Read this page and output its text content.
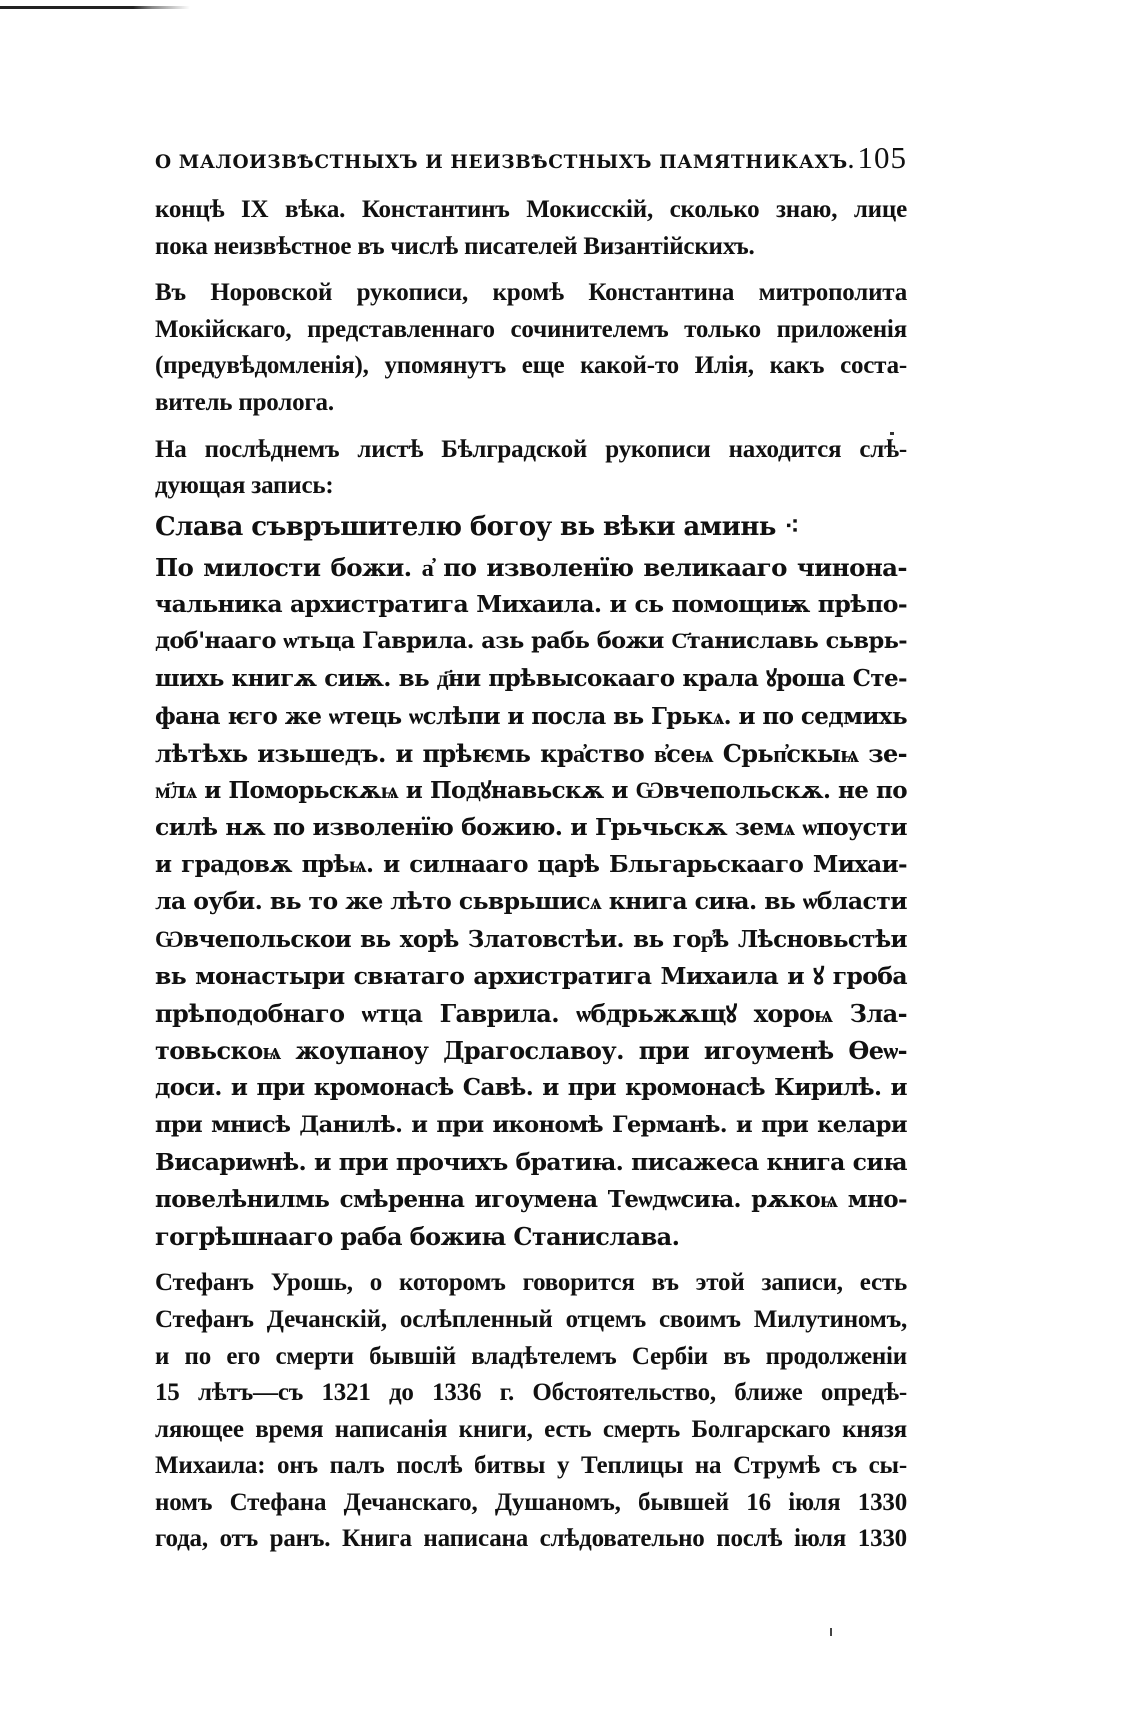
О МАЛОИЗВѢСТНЫХЪ И НЕИЗВѢСТНЫХЪ ПАМЯТНИКАХЪ. 105
концѣ IX вѣка. Константинъ Мокисскій, сколько знаю, лице
пока неизвѣстное въ числѣ писателей Византійскихъ.
Въ Норовской рукописи, кромѣ Константина митрополита
Мокійскаго, представленнаго сочинителемъ только приложенія
(предувѣдомленія), упомянутъ еще какой-то Илія, какъ соста-
витель пролога.
На послѣднемъ листѣ Бѣлградской рукописи находится слѣ-
дующая запись:
Слава съвръшителю богоу вь вѣки аминь ⁖
По милости божи. а҆ по изволенїю великааго чинона-
чальника архистратига Михаила. и сь помощиѭ прѣпо-
доб'нааго ѡтьца Гаврила. азь рабь божи С҃таниславь сьврь-
шихь книгѫ сиѭ. вь д҃ни прѣвысокааго крала ꙋроша Сте-
фана ѥго же ѡтець ѡслѣпи и посла вь Грькѧ. и по седмихь
лѣтѣхь изьшедъ. и прѣѥмь кра҆ство в҆сеѩ Срьп҆скыѩ зе-
м҃лѧ и Поморьскѫѩ и Подꙋнавьскѫ и Ѡвчепольскѫ. не по
силѣ нѫ по изволенїю божию. и Грьчьскѫ земѧ ѡпоусти
и градовѫ прѣѩ. и силнааго царѣ Бльгарьскааго Михаи-
ла оуби. вь то же лѣто сьврьшисѧ книга сиꙗ. вь ѡбласти
Ѡвчепольскои вь хорѣ Златовстѣи. вь гор҆ѣ Лѣсновьстѣи
вь монастыри свꙗтаго архистратига Михаила и ꙋ гроба
прѣподобнаго ѡтца Гаврила. ѡбдрьжѫщꙋ хороѩ Зла-
товьскоѩ жоупаноу Драгославоу. при игоуменѣ Ѳеѡ-
доси. и при кромонасѣ Савѣ. и при кромонасѣ Кирилѣ. и
при мнисѣ Данилѣ. и при икономѣ Германѣ. и при келари
Висариѡнѣ. и при прочихъ братиꙗ. писажеса книга сиꙗ
повелѣнилмь смѣренна игоумена Теѡдѡсиꙗ. рѫкоѩ мно-
гогрѣшнааго раба божиꙗ Станислава.
Стефанъ Урошь, о которомъ говорится въ этой записи, есть
Стефанъ Дечанскій, ослѣпленный отцемъ своимъ Милутиномъ,
и по его смерти бывшій владѣтелемъ Сербіи въ продолженіи
15 лѣтъ—съ 1321 до 1336 г. Обстоятельство, ближе опредѣ-
ляющее время написанія книги, есть смерть Болгарскаго князя
Михаила: онъ палъ послѣ битвы у Теплицы на Струмѣ съ сы-
номъ Стефана Дечанскаго, Душаномъ, бывшей 16 іюля 1330
года, отъ ранъ. Книга написана слѣдовательно послѣ іюля 1330
